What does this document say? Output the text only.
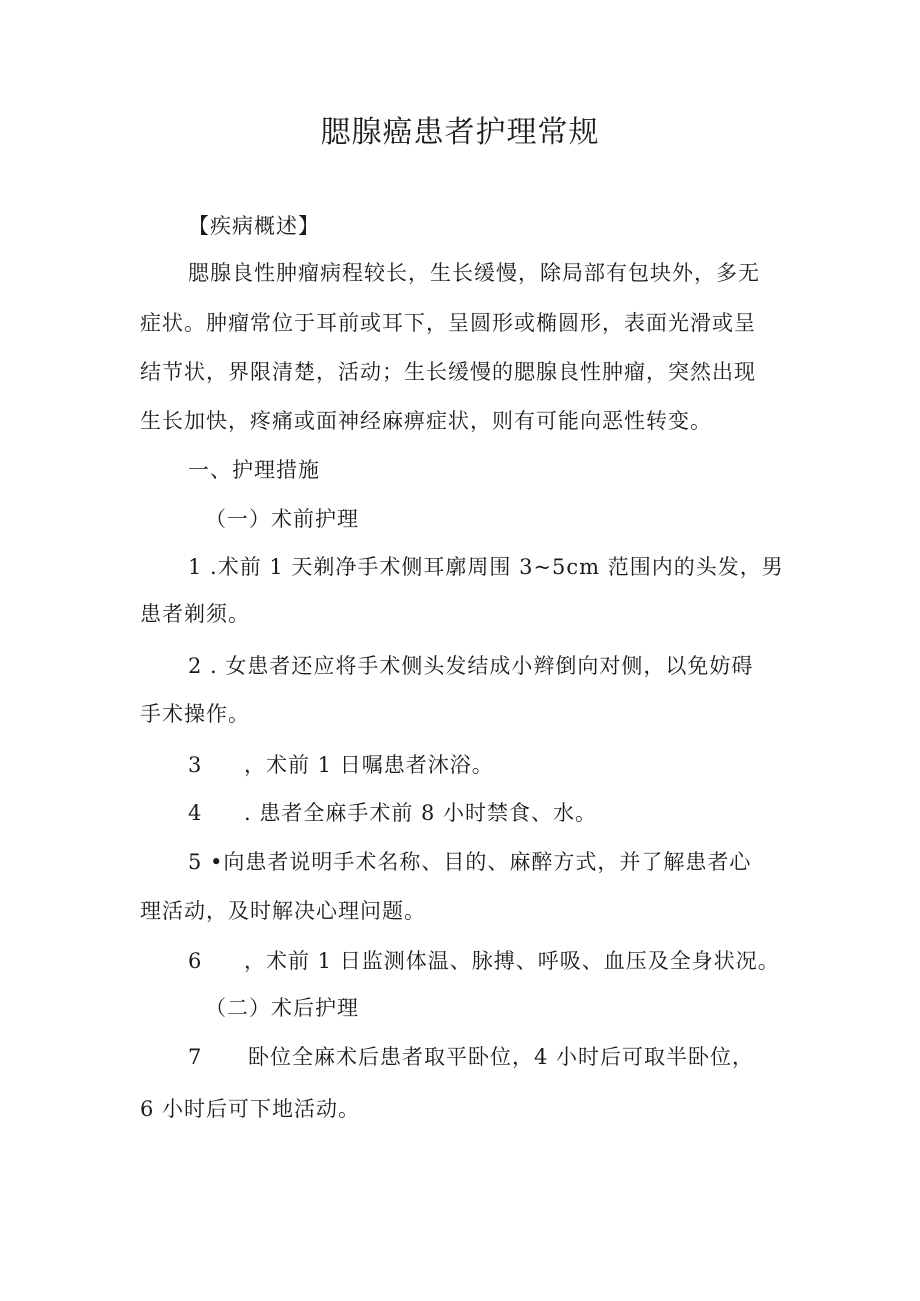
腮腺癌患者护理常规
【疾病概述】
腮腺良性肿瘤病程较长，生长缓慢，除局部有包块外，多无
症状。肿瘤常位于耳前或耳下，呈圆形或椭圆形，表面光滑或呈
结节状，界限清楚，活动；生长缓慢的腮腺良性肿瘤，突然出现
生长加快，疼痛或面神经麻痹症状，则有可能向恶性转变。
一、护理措施
（一）术前护理
1 .术前 1 天剃净手术侧耳廓周围 3~5cm 范围内的头发，男
患者剃须。
2 . 女患者还应将手术侧头发结成小辫倒向对侧，以免妨碍
手术操作。
3 ，术前 1 日嘱患者沐浴。
4 . 患者全麻手术前 8 小时禁食、水。
5 •向患者说明手术名称、目的、麻醉方式，并了解患者心
理活动，及时解决心理问题。
6 ，术前 1 日监测体温、脉搏、呼吸、血压及全身状况。
（二）术后护理
7 卧位全麻术后患者取平卧位，4 小时后可取半卧位，
6 小时后可下地活动。
